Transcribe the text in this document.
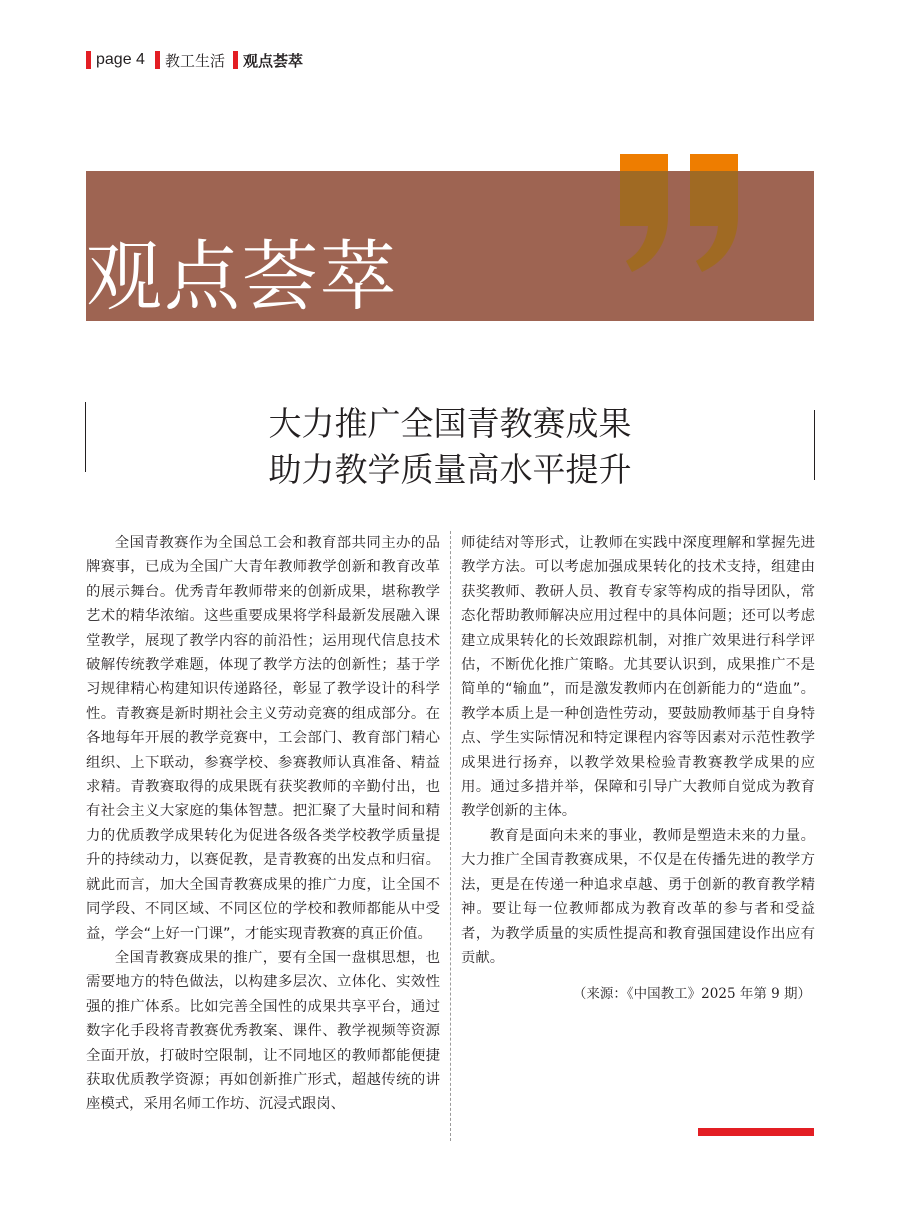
page 4 教工生活 观点荟萃
观点荟萃
大力推广全国青教赛成果
助力教学质量高水平提升

全国青教赛作为全国总工会和教育部共同主办的品牌赛事，已成为全国广大青年教师教学创新和教育改革的展示舞台。优秀青年教师带来的创新成果，堪称教学艺术的精华浓缩。这些重要成果将学科最新发展融入课堂教学，展现了教学内容的前沿性；运用现代信息技术破解传统教学难题，体现了教学方法的创新性；基于学习规律精心构建知识传递路径，彰显了教学设计的科学性。青教赛是新时期社会主义劳动竞赛的组成部分。在各地每年开展的教学竞赛中，工会部门、教育部门精心组织、上下联动，参赛学校、参赛教师认真准备、精益求精。青教赛取得的成果既有获奖教师的辛勤付出，也有社会主义大家庭的集体智慧。把汇聚了大量时间和精力的优质教学成果转化为促进各级各类学校教学质量提升的持续动力，以赛促教，是青教赛的出发点和归宿。就此而言，加大全国青教赛成果的推广力度，让全国不同学段、不同区域、不同区位的学校和教师都能从中受益，学会“上好一门课”，才能实现青教赛的真正价值。

全国青教赛成果的推广，要有全国一盘棋思想，也需要地方的特色做法，以构建多层次、立体化、实效性强的推广体系。比如完善全国性的成果共享平台，通过数字化手段将青教赛优秀教案、课件、教学视频等资源全面开放，打破时空限制，让不同地区的教师都能便捷获取优质教学资源；再如创新推广形式，超越传统的讲座模式，采用名师工作坊、沉浸式跟岗、

师徒结对等形式，让教师在实践中深度理解和掌握先进教学方法。可以考虑加强成果转化的技术支持，组建由获奖教师、教研人员、教育专家等构成的指导团队，常态化帮助教师解决应用过程中的具体问题；还可以考虑建立成果转化的长效跟踪机制，对推广效果进行科学评估，不断优化推广策略。尤其要认识到，成果推广不是简单的“输血”，而是激发教师内在创新能力的“造血”。教学本质上是一种创造性劳动，要鼓励教师基于自身特点、学生实际情况和特定课程内容等因素对示范性教学成果进行扬弃，以教学效果检验青教赛教学成果的应用。通过多措并举，保障和引导广大教师自觉成为教育教学创新的主体。

教育是面向未来的事业，教师是塑造未来的力量。大力推广全国青教赛成果，不仅是在传播先进的教学方法，更是在传递一种追求卓越、勇于创新的教育教学精神。要让每一位教师都成为教育改革的参与者和受益者，为教学质量的实质性提高和教育强国建设作出应有贡献。

（来源：《中国教工》2025 年第 9 期）
